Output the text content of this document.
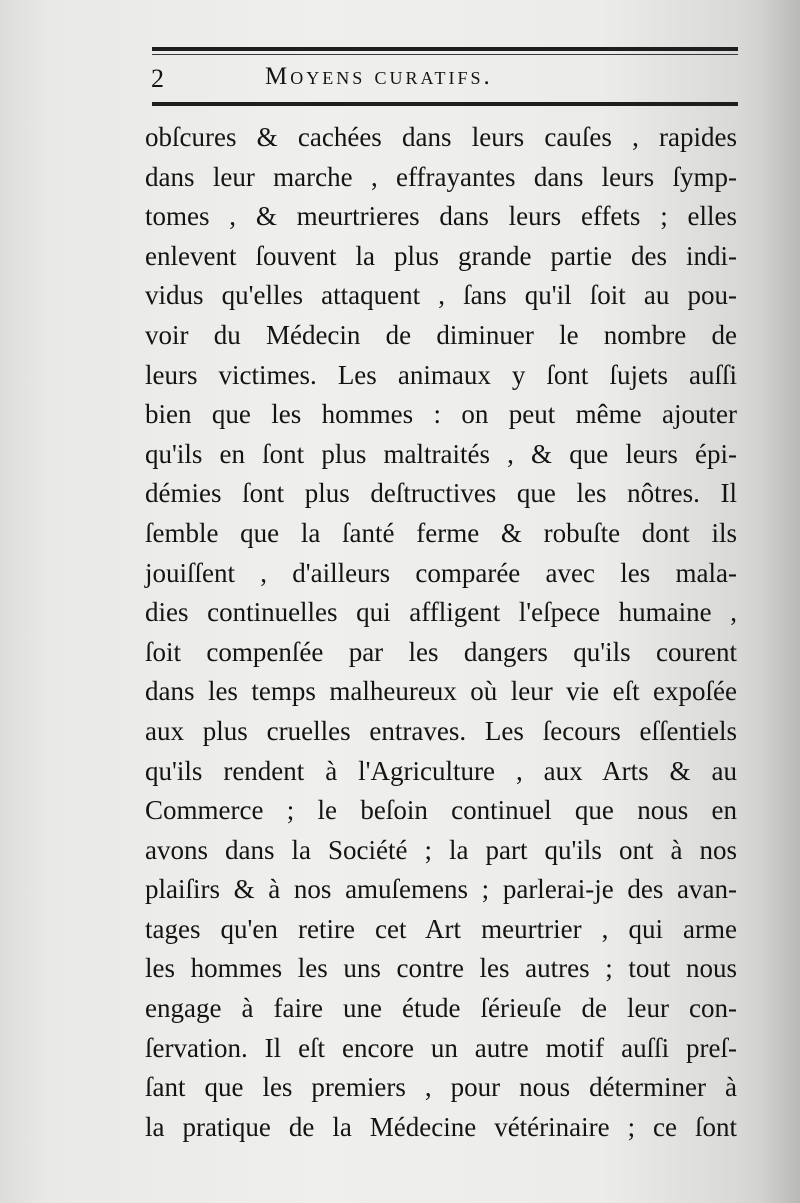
2	Moyens curatifs.
obſcures & cachées dans leurs cauſes , rapides
dans leur marche , effrayantes dans leurs ſymp-
tomes , & meurtrieres dans leurs effets ; elles
enlevent ſouvent la plus grande partie des indi-
vidus qu'elles attaquent , ſans qu'il ſoit au pou-
voir du Médecin de diminuer le nombre de
leurs victimes. Les animaux y ſont ſujets auſſi
bien que les hommes : on peut même ajouter
qu'ils en ſont plus maltraités , & que leurs épi-
démies ſont plus deſtructives que les nôtres. Il
ſemble que la ſanté ferme & robuſte dont ils
jouiſſent , d'ailleurs comparée avec les mala-
dies continuelles qui affligent l'eſpece humaine ,
ſoit compenſée par les dangers qu'ils courent
dans les temps malheureux où leur vie eſt expoſée
aux plus cruelles entraves. Les ſecours eſſentiels
qu'ils rendent à l'Agriculture , aux Arts & au
Commerce ; le beſoin continuel que nous en
avons dans la Société ; la part qu'ils ont à nos
plaiſirs & à nos amuſemens ; parlerai-je des avan-
tages qu'en retire cet Art meurtrier , qui arme
les hommes les uns contre les autres ; tout nous
engage à faire une étude ſérieuſe de leur con-
ſervation. Il eſt encore un autre motif auſſi preſ-
ſant que les premiers , pour nous déterminer à
la pratique de la Médecine vétérinaire ; ce ſont
